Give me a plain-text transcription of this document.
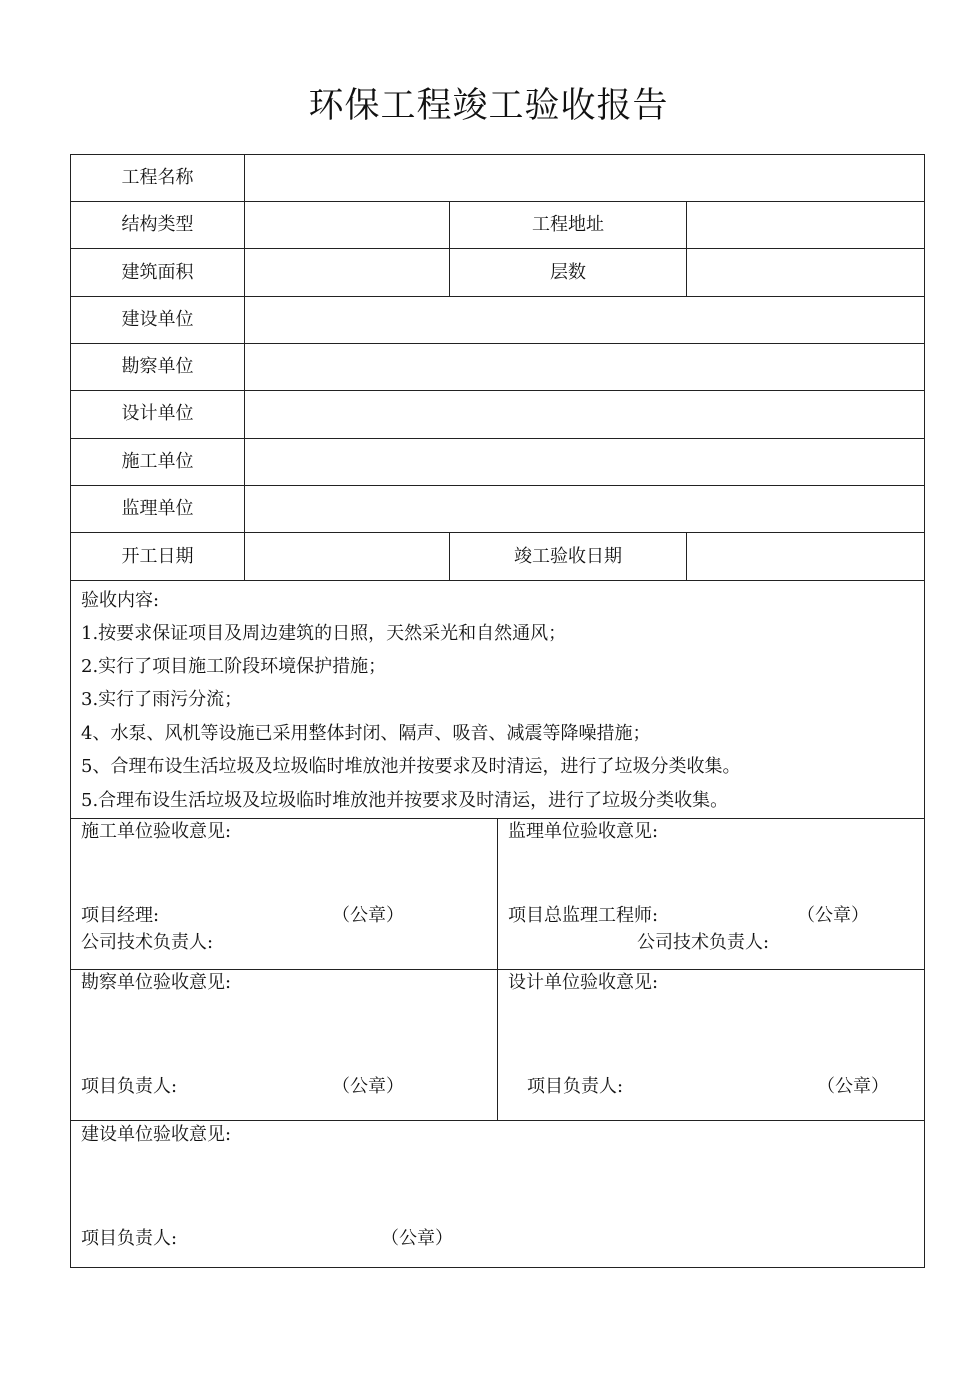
环保工程竣工验收报告
工程名称
结构类型	工程地址
建筑面积	层数
建设单位
勘察单位
设计单位
施工单位
监理单位
开工日期	竣工验收日期
验收内容:
1.按要求保证项目及周边建筑的日照，天然采光和自然通风；
2.实行了项目施工阶段环境保护措施；
3.实行了雨污分流；
4、水泵、风机等设施已采用整体封闭、隔声、吸音、减震等降噪措施；
5、合理布设生活垃圾及垃圾临时堆放池并按要求及时清运，进行了垃圾分类收集。
5.合理布设生活垃圾及垃圾临时堆放池并按要求及时清运，进行了垃圾分类收集。
施工单位验收意见:
项目经理:	（公章）
公司技术负责人:
监理单位验收意见:
项目总监理工程师:	（公章）
公司技术负责人:
勘察单位验收意见:
项目负责人:	（公章）
设计单位验收意见:
项目负责人:	（公章）
建设单位验收意见:
项目负责人:	（公章）
